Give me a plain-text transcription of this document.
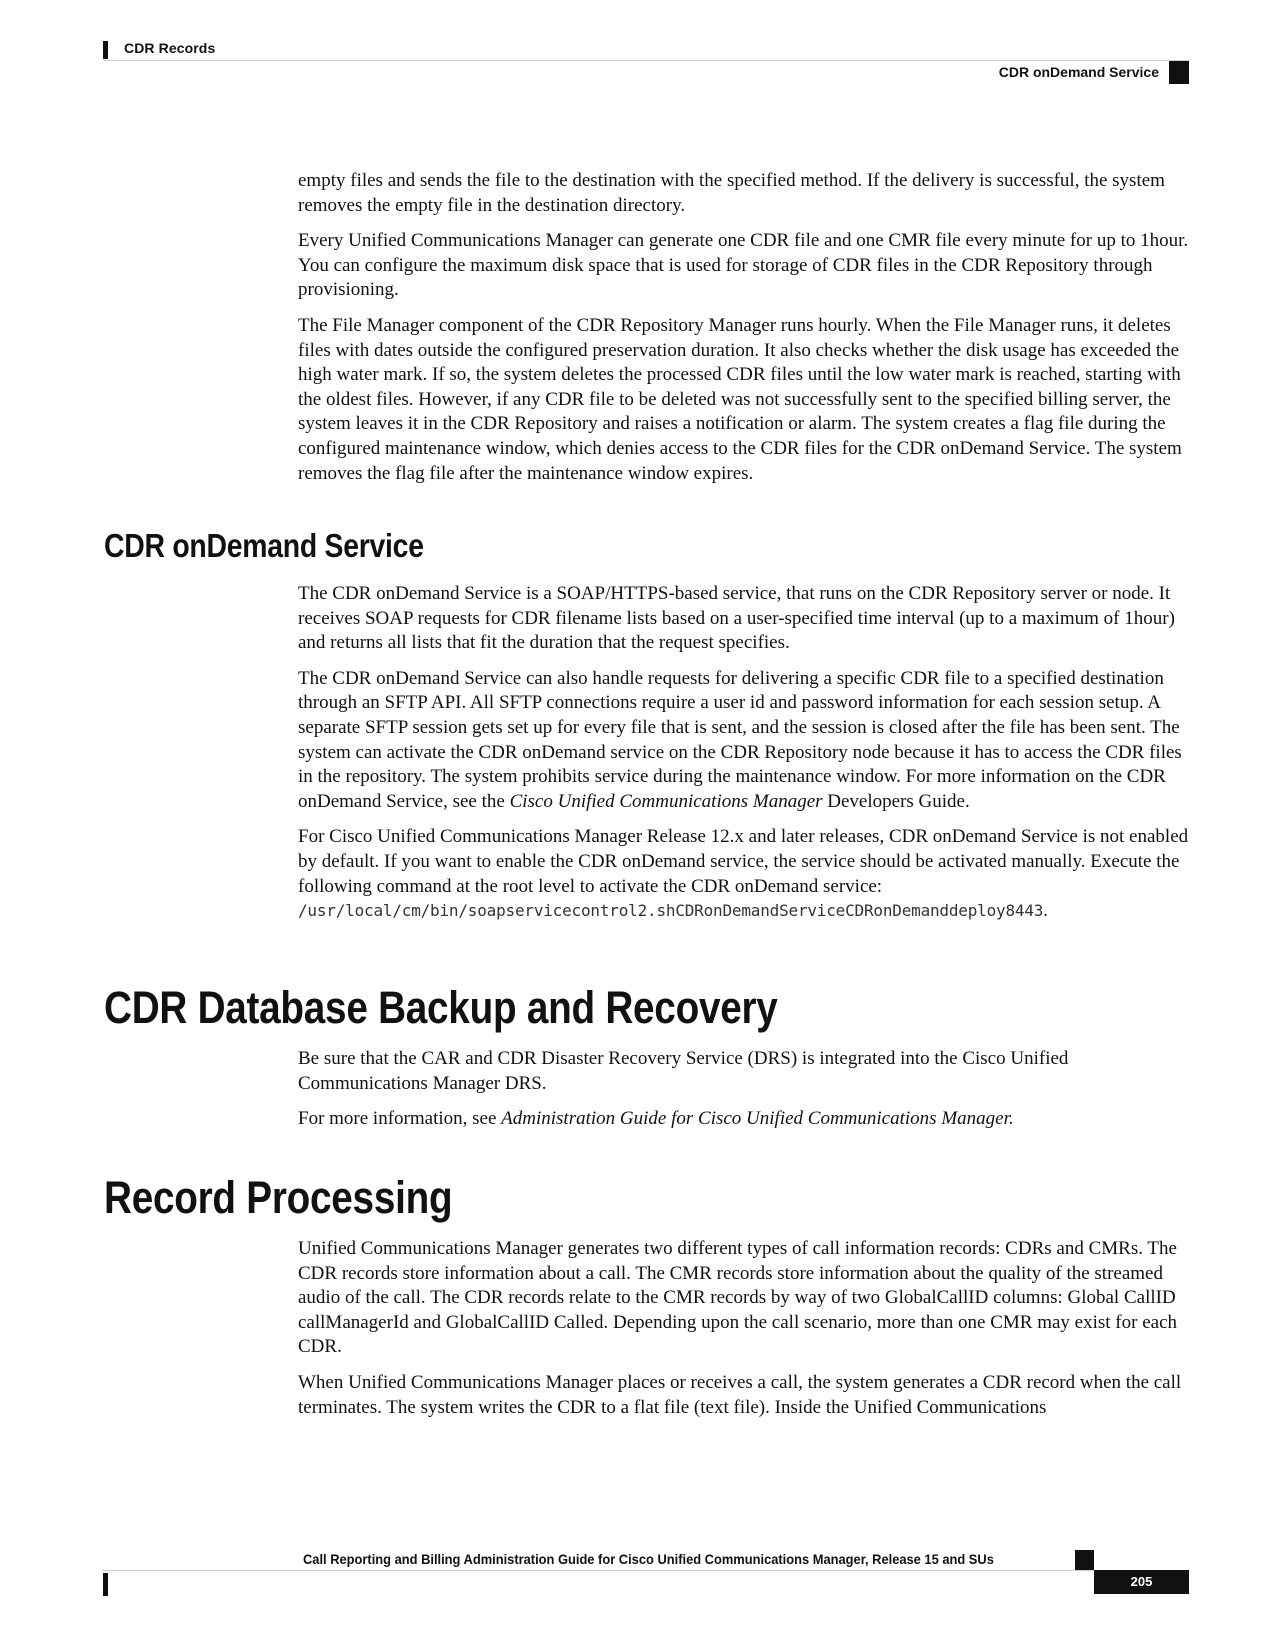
CDR Records
CDR onDemand Service

empty files and sends the file to the destination with the specified method. If the delivery is successful, the system removes the empty file in the destination directory.

Every Unified Communications Manager can generate one CDR file and one CMR file every minute for up to 1hour. You can configure the maximum disk space that is used for storage of CDR files in the CDR Repository through provisioning.

The File Manager component of the CDR Repository Manager runs hourly. When the File Manager runs, it deletes files with dates outside the configured preservation duration. It also checks whether the disk usage has exceeded the high water mark. If so, the system deletes the processed CDR files until the low water mark is reached, starting with the oldest files. However, if any CDR file to be deleted was not successfully sent to the specified billing server, the system leaves it in the CDR Repository and raises a notification or alarm. The system creates a flag file during the configured maintenance window, which denies access to the CDR files for the CDR onDemand Service. The system removes the flag file after the maintenance window expires.

CDR onDemand Service

The CDR onDemand Service is a SOAP/HTTPS-based service, that runs on the CDR Repository server or node. It receives SOAP requests for CDR filename lists based on a user-specified time interval (up to a maximum of 1hour) and returns all lists that fit the duration that the request specifies.

The CDR onDemand Service can also handle requests for delivering a specific CDR file to a specified destination through an SFTP API. All SFTP connections require a user id and password information for each session setup. A separate SFTP session gets set up for every file that is sent, and the session is closed after the file has been sent. The system can activate the CDR onDemand service on the CDR Repository node because it has to access the CDR files in the repository. The system prohibits service during the maintenance window. For more information on the CDR onDemand Service, see the Cisco Unified Communications Manager Developers Guide.

For Cisco Unified Communications Manager Release 12.x and later releases, CDR onDemand Service is not enabled by default. If you want to enable the CDR onDemand service, the service should be activated manually. Execute the following command at the root level to activate the CDR onDemand service:
/usr/local/cm/bin/soapservicecontrol2.shCDRonDemandServiceCDRonDemanddeploy8443.

CDR Database Backup and Recovery

Be sure that the CAR and CDR Disaster Recovery Service (DRS) is integrated into the Cisco Unified Communications Manager DRS.

For more information, see Administration Guide for Cisco Unified Communications Manager.

Record Processing

Unified Communications Manager generates two different types of call information records: CDRs and CMRs. The CDR records store information about a call. The CMR records store information about the quality of the streamed audio of the call. The CDR records relate to the CMR records by way of two GlobalCallID columns: Global CallID callManagerId and GlobalCallID Called. Depending upon the call scenario, more than one CMR may exist for each CDR.

When Unified Communications Manager places or receives a call, the system generates a CDR record when the call terminates. The system writes the CDR to a flat file (text file). Inside the Unified Communications

Call Reporting and Billing Administration Guide for Cisco Unified Communications Manager, Release 15 and SUs
205
